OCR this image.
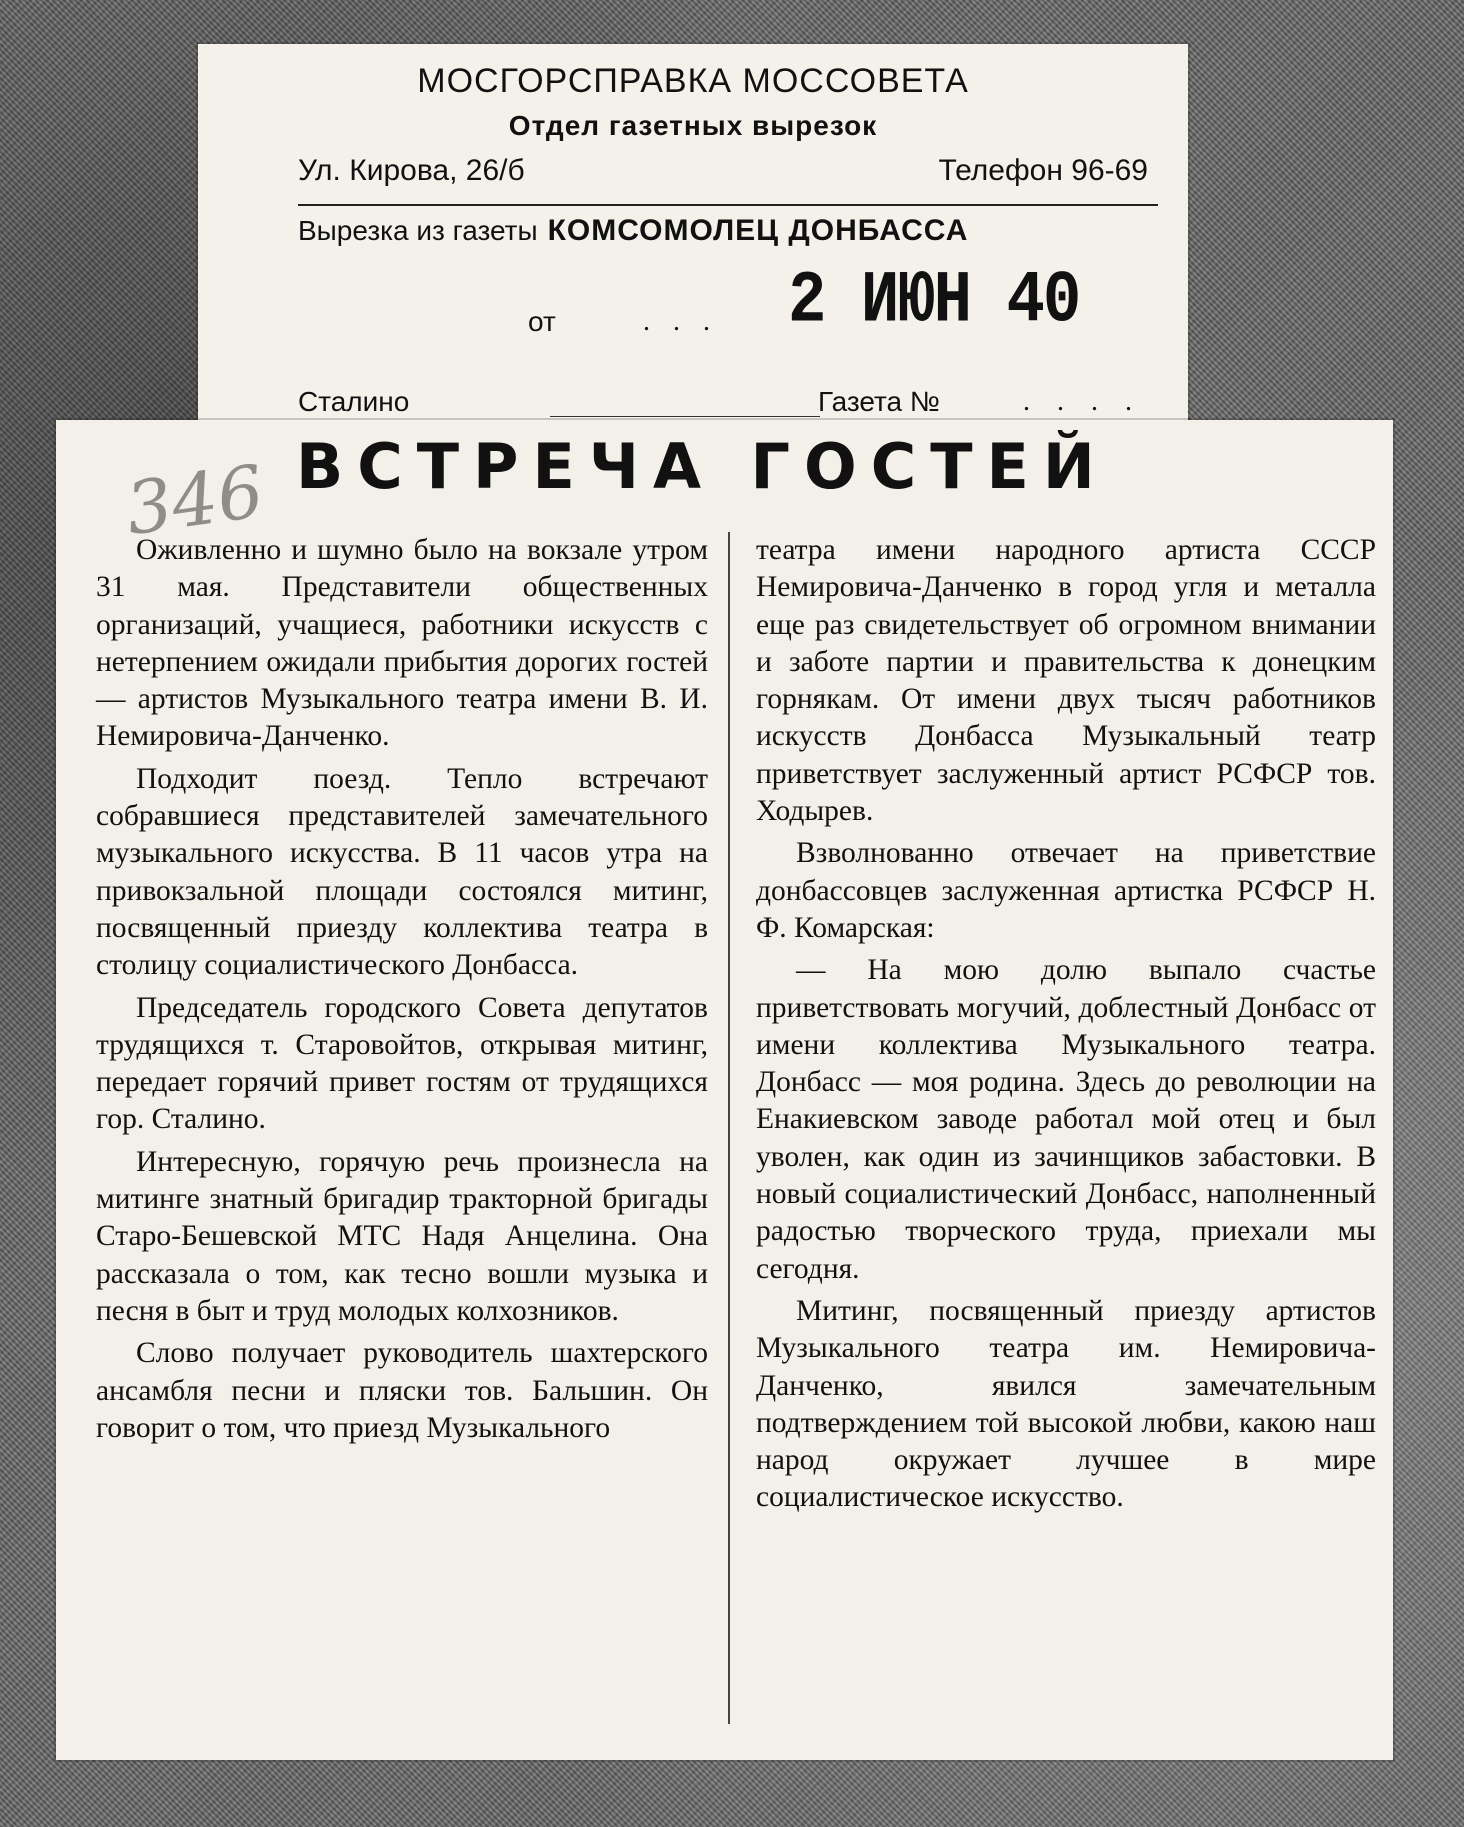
МОСГОРСПРАВКА МОССОВЕТА
Отдел газетных вырезок
Ул. Кирова, 26/б	Телефон 96-69
Вырезка из газеты КОМСОМОЛЕЦ ДОНБАССА
от	. . . 2 ИЮН 40
Сталино	Газета №	. . . .
ВСТРЕЧА ГОСТЕЙ
346

Оживленно и шумно было на вокзале утром 31 мая. Представители общественных организаций, учащиеся, работники искусств с нетерпением ожидали прибытия дорогих гостей — артистов Музыкального театра имени В. И. Немировича-Данченко.

Подходит поезд. Тепло встречают собравшиеся представителей замечательного музыкального искусства. В 11 часов утра на привокзальной площади состоялся митинг, посвященный приезду коллектива театра в столицу социалистического Донбасса.

Председатель городского Совета депутатов трудящихся т. Старовойтов, открывая митинг, передает горячий привет гостям от трудящихся гор. Сталино.

Интересную, горячую речь произнесла на митинге знатный бригадир тракторной бригады Старо-Бешевской МТС Надя Анцелина. Она рассказала о том, как тесно вошли музыка и песня в быт и труд молодых колхозников.

Слово получает руководитель шахтерского ансамбля песни и пляски тов. Бальшин. Он говорит о том, что приезд Музыкального

театра имени народного артиста СССР Немировича-Данченко в город угля и металла еще раз свидетельствует об огромном внимании и заботе партии и правительства к донецким горнякам. От имени двух тысяч работников искусств Донбасса Музыкальный театр приветствует заслуженный артист РСФСР тов. Ходырев.

Взволнованно отвечает на приветствие донбассовцев заслуженная артистка РСФСР Н. Ф. Комарская:

— На мою долю выпало счастье приветствовать могучий, доблестный Донбасс от имени коллектива Музыкального театра. Донбасс — моя родина. Здесь до революции на Енакиевском заводе работал мой отец и был уволен, как один из зачинщиков забастовки. В новый социалистический Донбасс, наполненный радостью творческого труда, приехали мы сегодня.

Митинг, посвященный приезду артистов Музыкального театра им. Немировича-Данченко, явился замечательным подтверждением той высокой любви, какою наш народ окружает лучшее в мире социалистическое искусство.
